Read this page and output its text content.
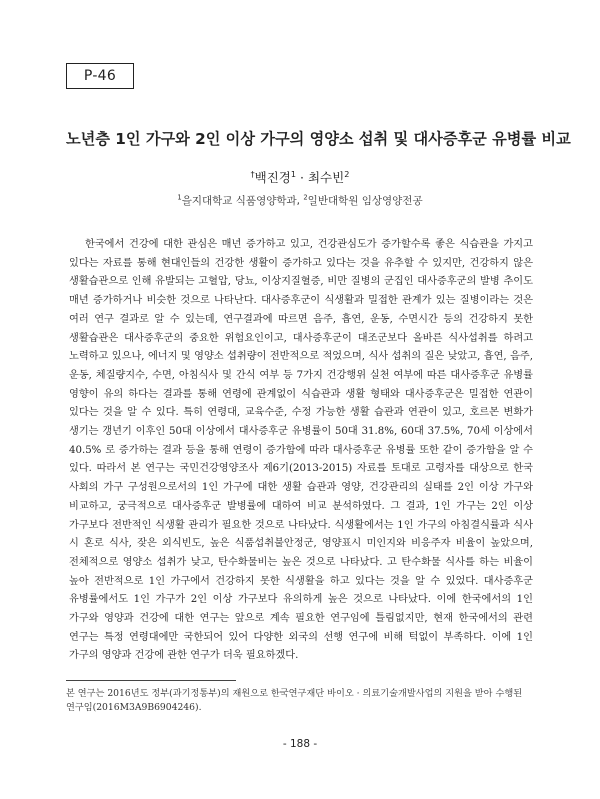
P-46
노년층 1인 가구와 2인 이상 가구의 영양소 섭취 및 대사증후군 유병률 비교
†백진경$^1$ · 최수빈$^2$
$^1$을지대학교 식품영양학과, $^2$일반대학원 임상영양전공

한국에서 건강에 대한 관심은 매년 증가하고 있고, 건강관심도가 증가할수록 좋은 식습관을 가지고 있다는 자료를 통해 현대인들의 건강한 생활이 증가하고 있다는 것을 유추할 수 있지만, 건강하지 않은 생활습관으로 인해 유발되는 고혈압, 당뇨, 이상지질혈증, 비만 질병의 군집인 대사증후군의 발병 추이도 매년 증가하거나 비슷한 것으로 나타난다. 대사증후군이 식생활과 밀접한 관계가 있는 질병이라는 것은 여러 연구 결과로 알 수 있는데, 연구결과에 따르면 음주, 흡연, 운동, 수면시간 등의 건강하지 못한 생활습관은 대사증후군의 중요한 위험요인이고, 대사증후군이 대조군보다 올바른 식사섭취를 하려고 노력하고 있으나, 에너지 및 영양소 섭취량이 전반적으로 적었으며, 식사 섭취의 질은 낮았고, 흡연, 음주, 운동, 체질량지수, 수면, 아침식사 및 간식 여부 등 7가지 건강행위 실천 여부에 따른 대사증후군 유병률 영향이 유의 하다는 결과를 통해 연령에 관계없이 식습관과 생활 형태와 대사증후군은 밀접한 연관이 있다는 것을 알 수 있다. 특히 연령대, 교육수준, 수정 가능한 생활 습관과 연관이 있고, 호르몬 변화가 생기는 갱년기 이후인 50대 이상에서 대사증후군 유병률이 50대 31.8%, 60대 37.5%, 70세 이상에서 40.5% 로 증가하는 결과 등을 통해 연령이 증가함에 따라 대사증후군 유병률 또한 같이 증가함을 알 수 있다. 따라서 본 연구는 국민건강영양조사 제6기(2013-2015) 자료를 토대로 고령자를 대상으로 한국 사회의 가구 구성원으로서의 1인 가구에 대한 생활 습관과 영양, 건강관리의 실태를 2인 이상 가구와 비교하고, 궁극적으로 대사증후군 발병률에 대하여 비교 분석하였다. 그 결과, 1인 가구는 2인 이상 가구보다 전반적인 식생활 관리가 필요한 것으로 나타났다. 식생활에서는 1인 가구의 아침결식률과 식사 시 혼로 식사, 잦은 외식빈도, 높은 식품섭취불안정군, 영양표시 미인지와 비응주자 비율이 높았으며, 전체적으로 영양소 섭취가 낮고, 탄수화물비는 높은 것으로 나타났다. 고 탄수화물 식사를 하는 비율이 높아 전반적으로 1인 가구에서 건강하지 못한 식생활을 하고 있다는 것을 알 수 있었다. 대사증후군 유병률에서도 1인 가구가 2인 이상 가구보다 유의하게 높은 것으로 나타났다. 이에 한국에서의 1인 가구와 영양과 건강에 대한 연구는 앞으로 계속 필요한 연구임에 틀림없지만, 현재 한국에서의 관련 연구는 특정 연령대에만 국한되어 있어 다양한 외국의 선행 연구에 비해 턱없이 부족하다. 이에 1인 가구의 영양과 건강에 관한 연구가 더욱 필요하겠다.

본 연구는 2016년도 정부(과기정통부)의 재원으로 한국연구재단 바이오 · 의료기술개발사업의 지원을 받아 수행된 연구임(2016M3A9B6904246).

- 188 -
